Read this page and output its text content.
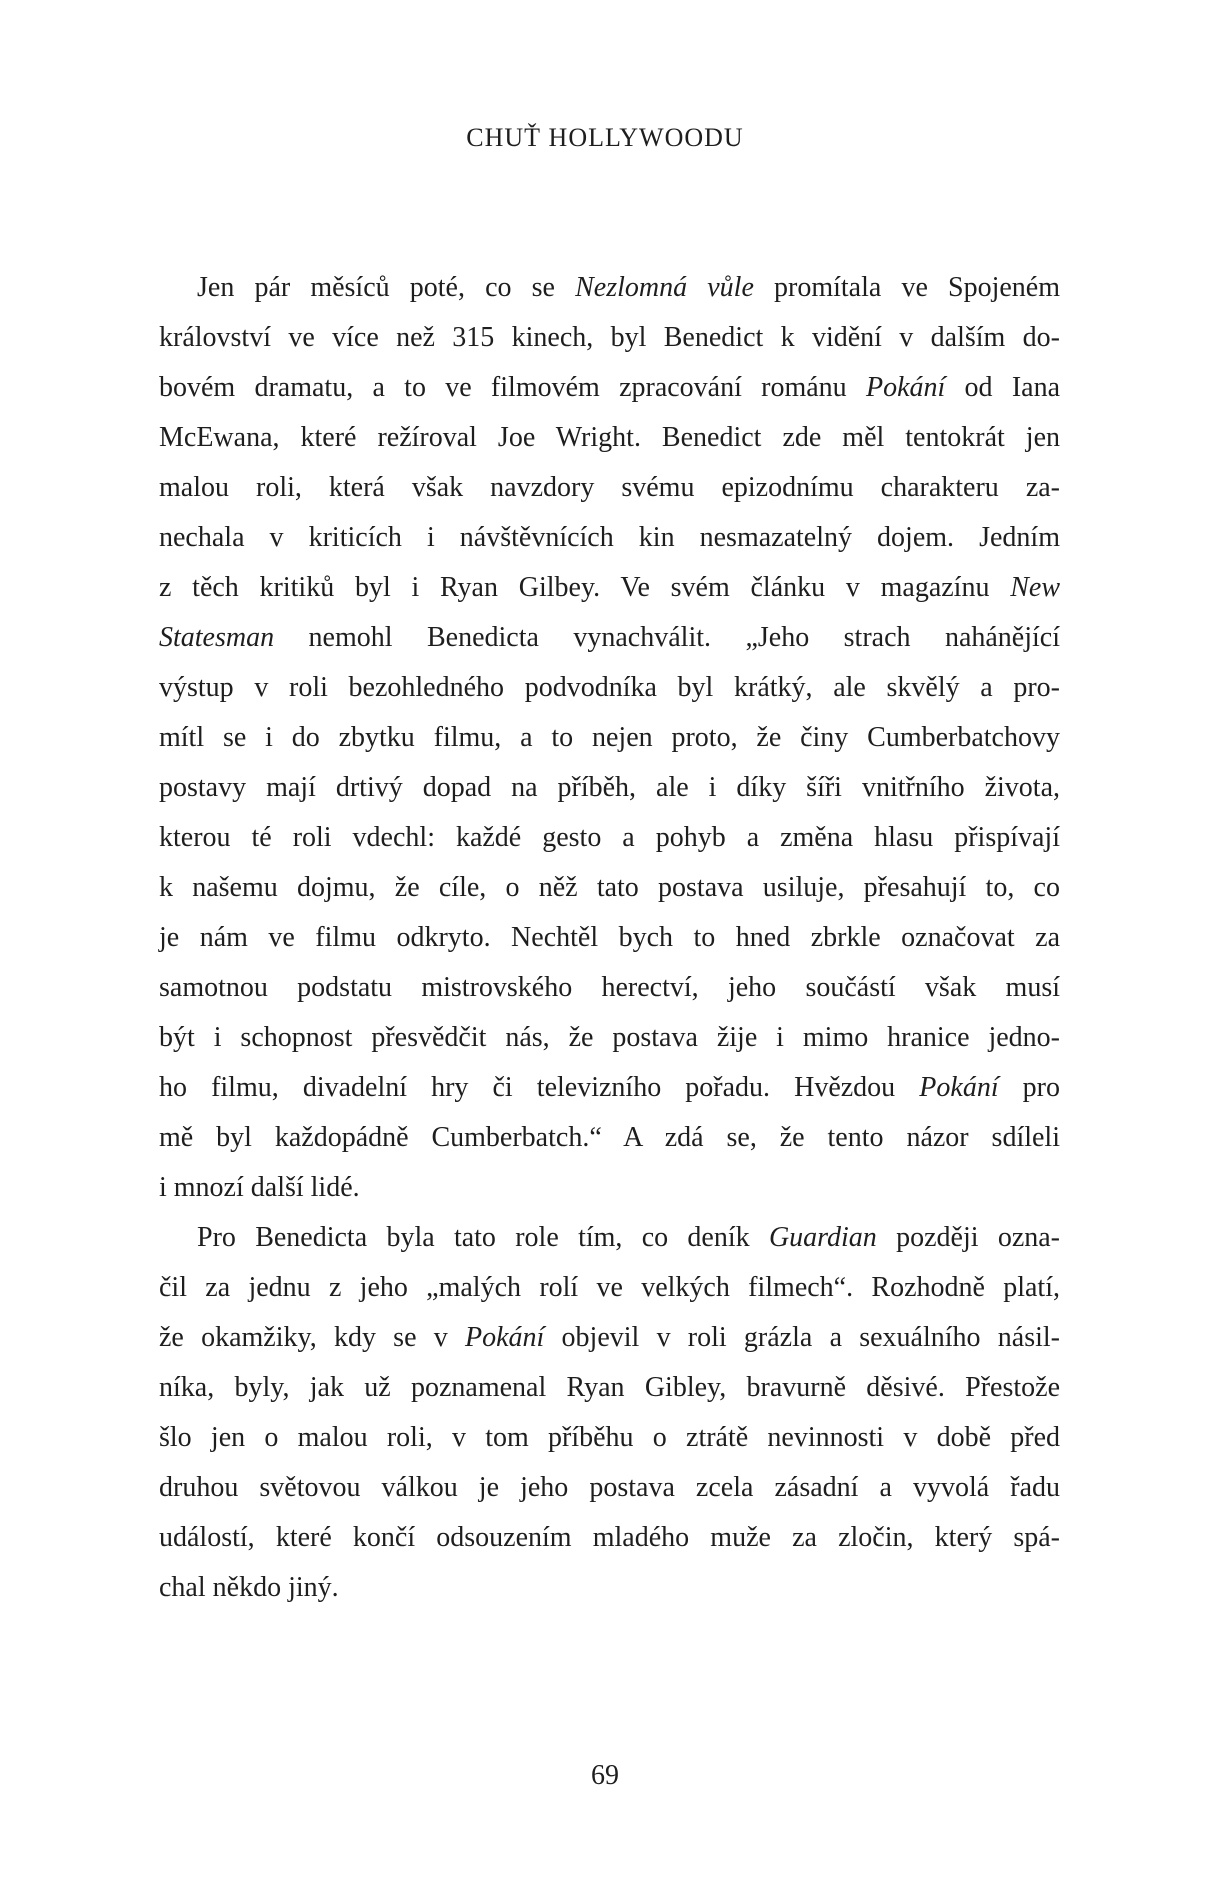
CHUŤ HOLLYWOODU

Jen pár měsíců poté, co se Nezlomná vůle promítala ve Spojeném
království ve více než 315 kinech, byl Benedict k vidění v dalším do-
bovém dramatu, a to ve filmovém zpracování románu Pokání od Iana
McEwana, které režíroval Joe Wright. Benedict zde měl tentokrát jen
malou roli, která však navzdory svému epizodnímu charakteru za-
nechala v kriticích i návštěvnících kin nesmazatelný dojem. Jedním
z těch kritiků byl i Ryan Gilbey. Ve svém článku v magazínu New
Statesman nemohl Benedicta vynachválit. „Jeho strach nahánějící
výstup v roli bezohledného podvodníka byl krátký, ale skvělý a pro-
mítl se i do zbytku filmu, a to nejen proto, že činy Cumberbatchovy
postavy mají drtivý dopad na příběh, ale i díky šíři vnitřního života,
kterou té roli vdechl: každé gesto a pohyb a změna hlasu přispívají
k našemu dojmu, že cíle, o něž tato postava usiluje, přesahují to, co
je nám ve filmu odkryto. Nechtěl bych to hned zbrkle označovat za
samotnou podstatu mistrovského herectví, jeho součástí však musí
být i schopnost přesvědčit nás, že postava žije i mimo hranice jedno-
ho filmu, divadelní hry či televizního pořadu. Hvězdou Pokání pro
mě byl každopádně Cumberbatch.“ A zdá se, že tento názor sdíleli
i mnozí další lidé.

Pro Benedicta byla tato role tím, co deník Guardian později ozna-
čil za jednu z jeho „malých rolí ve velkých filmech“. Rozhodně platí,
že okamžiky, kdy se v Pokání objevil v roli grázla a sexuálního násil-
níka, byly, jak už poznamenal Ryan Gibley, bravurně děsivé. Přestože
šlo jen o malou roli, v tom příběhu o ztrátě nevinnosti v době před
druhou světovou válkou je jeho postava zcela zásadní a vyvolá řadu
událostí, které končí odsouzením mladého muže za zločin, který spá-
chal někdo jiný.

69
